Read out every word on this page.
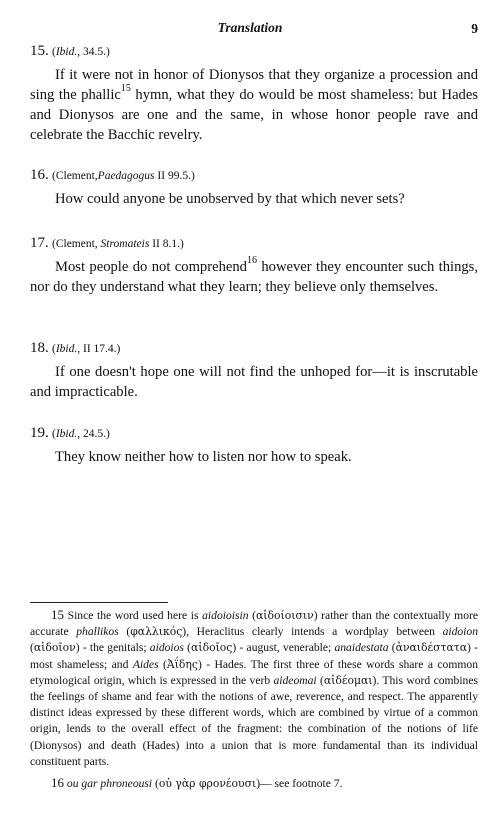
Translation	9
15. (Ibid., 34.5.)

If it were not in honor of Dionysos that they organize a procession and sing the phallic$^{15}$ hymn, what they do would be most shameless: but Hades and Dionysos are one and the same, in whose honor people rave and celebrate the Bacchic revelry.

16. (Clement,Paedagogus II 99.5.)

How could anyone be unobserved by that which never sets?

17. (Clement, Stromateis II 8.1.)

Most people do not comprehend$^{16}$ however they encounter such things, nor do they understand what they learn; they believe only themselves.

18. (Ibid., II 17.4.)

If one doesn't hope one will not find the unhoped for—it is inscrutable and impracticable.

19. (Ibid., 24.5.)

They know neither how to listen nor how to speak.

15 Since the word used here is aidoioisin (αἰδοίοισιν) rather than the contextually more accurate phallikos (φαλλικός), Heraclitus clearly intends a wordplay between aidoion (αἰδοῖον) - the genitals; aidoios (αἰδοῖος) - august, venerable; anaidestata (ἀναιδέστατα) - most shameless; and Aides (Ἀΐδης) - Hades. The first three of these words share a common etymological origin, which is expressed in the verb aideomai (αἰδέομαι). This word combines the feelings of shame and fear with the notions of awe, reverence, and respect. The apparently distinct ideas expressed by these different words, which are combined by virtue of a common origin, lends to the overall effect of the fragment: the combination of the notions of life (Dionysos) and death (Hades) into a union that is more fundamental than its individual constituent parts.

16 ou gar phroneousi (οὐ γὰρ φρονέουσι)— see footnote 7.
